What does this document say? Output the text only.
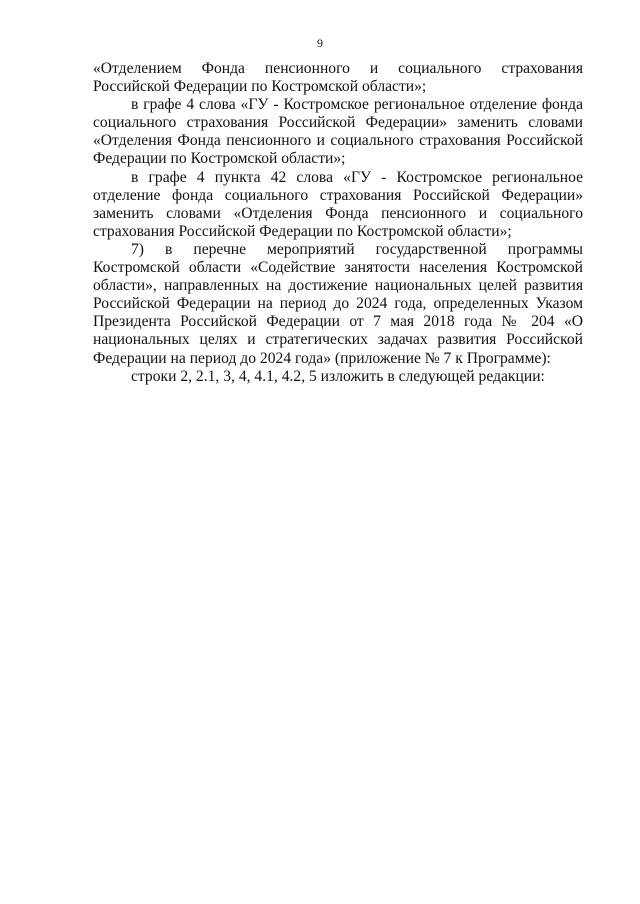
9

«Отделением Фонда пенсионного и социального страхования Российской Федерации по Костромской области»;

в графе 4 слова «ГУ - Костромское региональное отделение фонда социального страхования Российской Федерации» заменить словами «Отделения Фонда пенсионного и социального страхования Российской Федерации по Костромской области»;

в графе 4 пункта 42 слова «ГУ - Костромское региональное отделение фонда социального страхования Российской Федерации» заменить словами «Отделения Фонда пенсионного и социального страхования Российской Федерации по Костромской области»;

7) в перечне мероприятий государственной программы Костромской области «Содействие занятости населения Костромской области», направленных на достижение национальных целей развития Российской Федерации на период до 2024 года, определенных Указом Президента Российской Федерации от 7 мая 2018 года № 204 «О национальных целях и стратегических задачах развития Российской Федерации на период до 2024 года» (приложение № 7 к Программе):

строки 2, 2.1, 3, 4, 4.1, 4.2, 5 изложить в следующей редакции:
